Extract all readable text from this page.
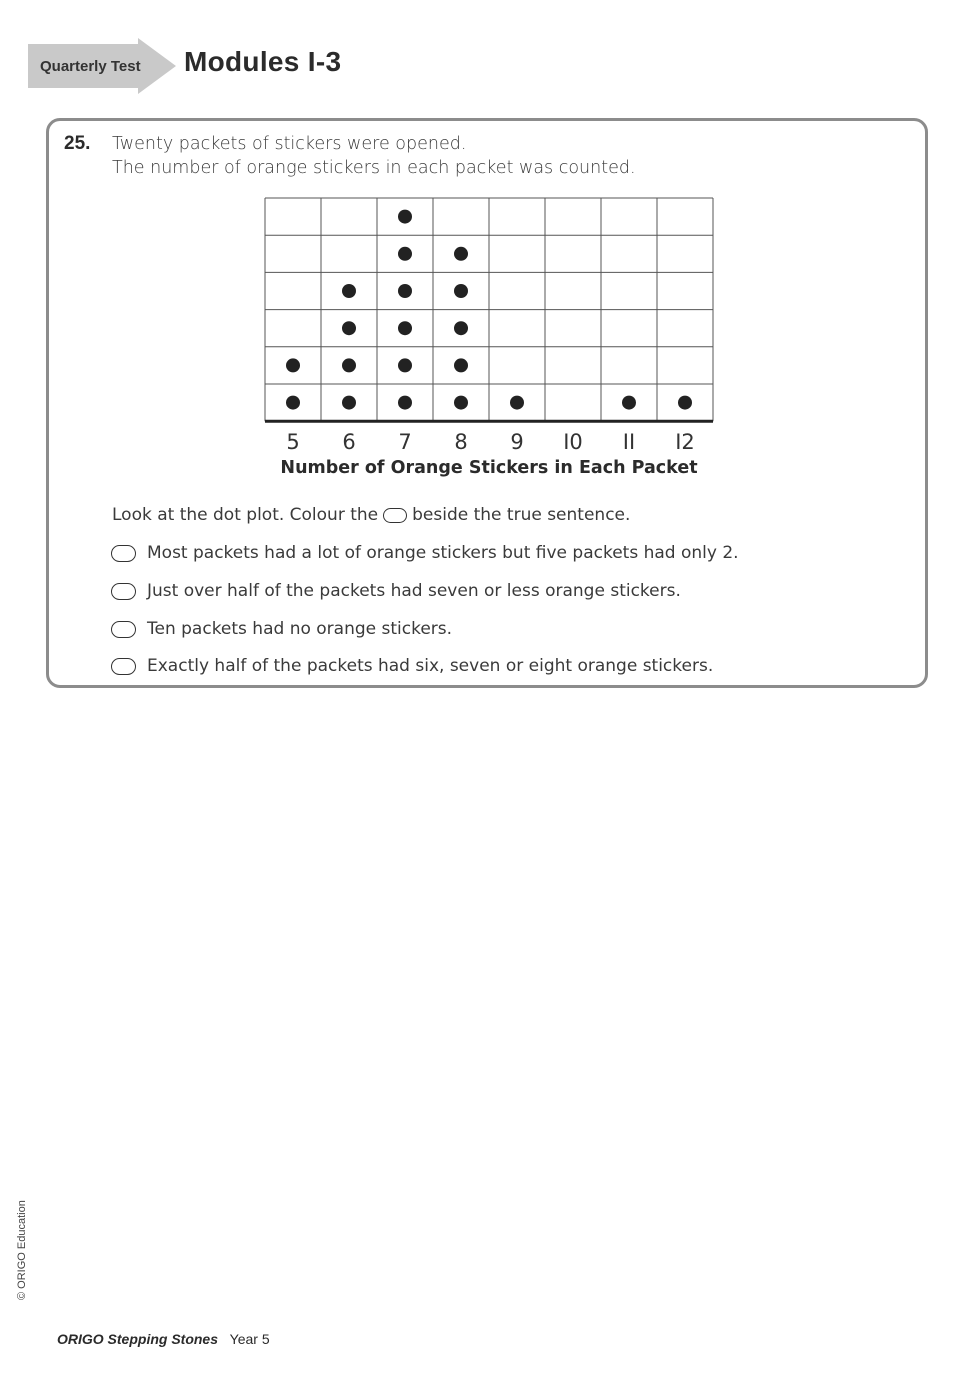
Quarterly Test Modules I-3
25. Twenty packets of stickers were opened.
The number of orange stickers in each packet was counted.
5 6 7 8 9 I0 II I2
Number of Orange Stickers in Each Packet
Look at the dot plot. Colour the beside the true sentence.
Most packets had a lot of orange stickers but five packets had only 2.
Just over half of the packets had seven or less orange stickers.
Ten packets had no orange stickers.
Exactly half of the packets had six, seven or eight orange stickers.
© ORIGO Education
ORIGO Stepping Stones Year 5
